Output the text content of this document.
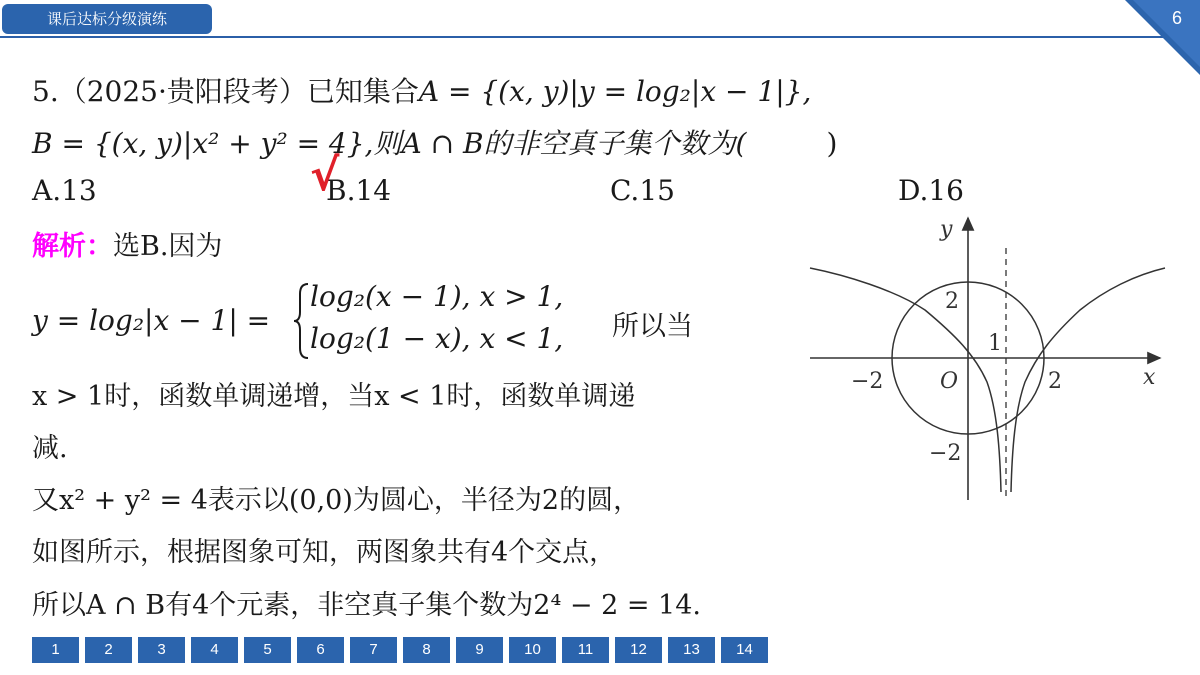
课后达标分级演练	6
5.（2025·贵阳段考）已知集合A = {(x, y)|y = log₂|x − 1|},
B = {(x, y)|x² + y² = 4},则A ∩ B的非空真子集个数为(	)
A.13	B.14	C.15	D.16
√
解析：选B.因为
y = log₂|x − 1| =
log₂(x − 1), x > 1,
log₂(1 − x), x < 1, 所以当
x > 1时，函数单调递增，当x < 1时，函数单调递
减.
又x² + y² = 4表示以(0,0)为圆心，半径为2的圆，
如图所示，根据图象可知，两图象共有4个交点，
所以A ∩ B有4个元素，非空真子集个数为2⁴ − 2 = 14.
y
x
O
−2	2
1
2
−2
1	2	3	4	5	6	7	8	9	10	11	12	13	14
